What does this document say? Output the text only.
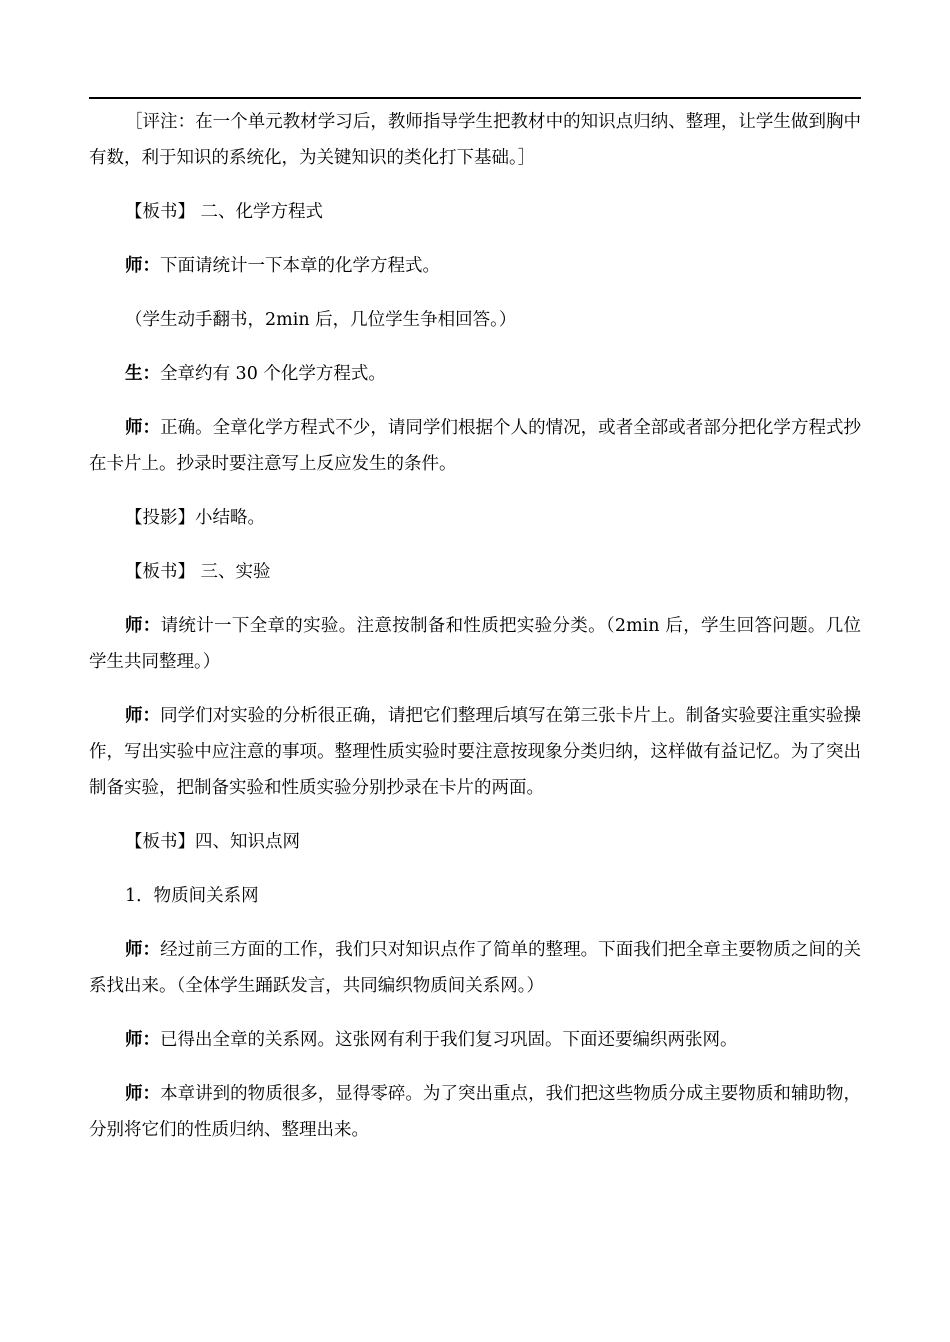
［评注：在一个单元教材学习后，教师指导学生把教材中的知识点归纳、整理，让学生做到胸中有数，利于知识的系统化，为关键知识的类化打下基础。］

【板书】 二、化学方程式

师：下面请统计一下本章的化学方程式。

（学生动手翻书，2min 后，几位学生争相回答。）

生：全章约有 30 个化学方程式。

师：正确。全章化学方程式不少，请同学们根据个人的情况，或者全部或者部分把化学方程式抄在卡片上。抄录时要注意写上反应发生的条件。

【投影】小结略。

【板书】 三、实验

师：请统计一下全章的实验。注意按制备和性质把实验分类。（2min 后，学生回答问题。几位学生共同整理。）

师：同学们对实验的分析很正确，请把它们整理后填写在第三张卡片上。制备实验要注重实验操作，写出实验中应注意的事项。整理性质实验时要注意按现象分类归纳，这样做有益记忆。为了突出制备实验，把制备实验和性质实验分别抄录在卡片的两面。

【板书】四、知识点网

1．物质间关系网

师：经过前三方面的工作，我们只对知识点作了简单的整理。下面我们把全章主要物质之间的关系找出来。（全体学生踊跃发言，共同编织物质间关系网。）

师：已得出全章的关系网。这张网有利于我们复习巩固。下面还要编织两张网。

师：本章讲到的物质很多，显得零碎。为了突出重点，我们把这些物质分成主要物质和辅助物，分别将它们的性质归纳、整理出来。
